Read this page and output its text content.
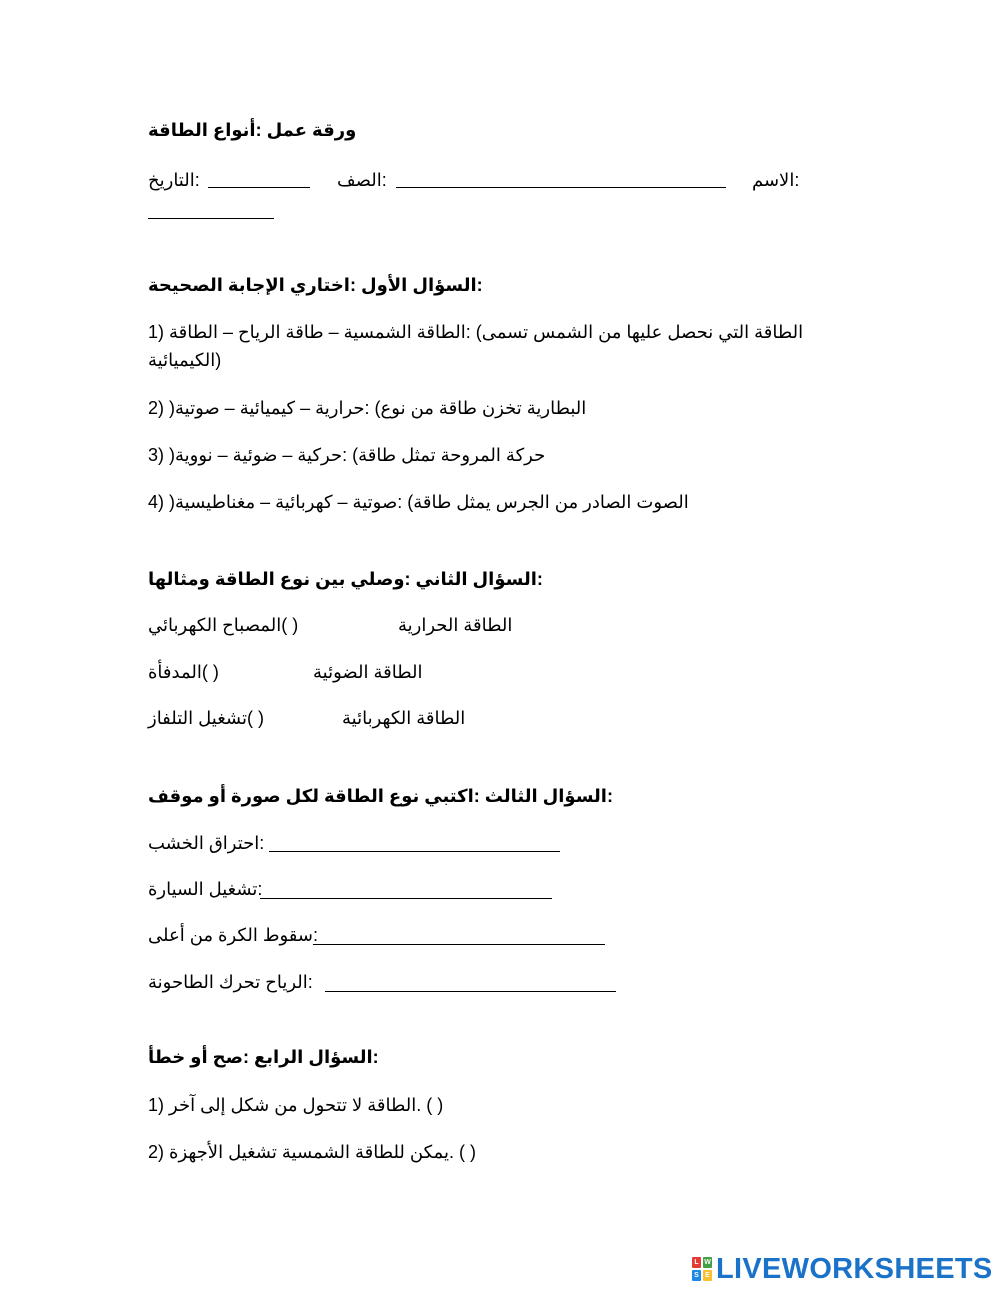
ورقة عمل :أنواع الطاقة
:التاريخ	:الصف	:الاسم
:السؤال الأول :اختاري الإجابة الصحيحة
الطاقة التي نحصل عليها من الشمس تسمى) :الطاقة الشمسية – طاقة الرياح – الطاقة (1
(الكيميائية
البطارية تخزن طاقة من نوع) :حرارية – كيميائية – صوتية( (2
حركة المروحة تمثل طاقة) :حركية – ضوئية – نووية( (3
الصوت الصادر من الجرس يمثل طاقة) :صوتية – كهربائية – مغناطيسية( (4
:السؤال الثاني :وصلي بين نوع الطاقة ومثالها
( )المصباح الكهربائي	الطاقة الحرارية
( )المدفأة	الطاقة الضوئية
( )تشغيل التلفاز	الطاقة الكهربائية
:السؤال الثالث :اكتبي نوع الطاقة لكل صورة أو موقف
:احتراق الخشب
:تشغيل السيارة
:سقوط الكرة من أعلى
:الرياح تحرك الطاحونة
:السؤال الرابع :صح أو خطأ
( ) .الطاقة لا تتحول من شكل إلى آخر (1
( ) .يمكن للطاقة الشمسية تشغيل الأجهزة (2
L W
S E LIVEWORKSHEETS
